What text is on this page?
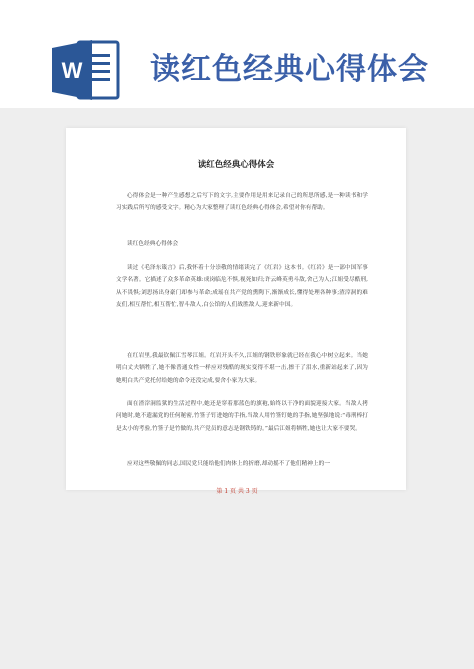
W 读红色经典心得体会
读红色经典心得体会

心得体会是一种产生感想之后写下的文字,主要作用是用来记录自己的所思所感,是一种读书和学习实践后所写的感受文字。精心为大家整理了读红色经典心得体会,希望对你有帮助。

读红色经典心得体会

读过《毛泽东箴言》后,我怀着十分崇敬的情绪读完了《红岩》这本书。《红岩》是一部中国军事文学名著。它描述了众多革命英雄:成岗临危不惧,视死如归;许云峰英勇斗敌,舍己为人;江姐受尽酷刑,从不畏惧;刘思扬出身豪门却参与革命;成瑶在共产党的熏陶下,渐渐成长,懂得处理各种事;渣滓洞的难友们,相互帮忙,相互帮忙,智斗敌人,白公馆的人们战胜敌人,迎来新中国。

在红岩里,我最钦佩江雪琴江姐。红岩开头不久,江姐的钢铁形象就已经在我心中树立起来。当她明白丈夫牺牲了,她不像普通女性一样应对残酷的现实变得不堪一击,擦干了泪水,重新站起来了,因为她明白共产党托付给她的命令还没完成,要舍小家为大家。

面在渣滓洞监狱的生活过程中,她还是穿着那蓝色的旗袍,始终以干净的面貌迎接大家。当敌人拷问她时,她不遗漏党的任何秘密,竹签子钉进她的手指,当敌人用竹签钉她的手指,她坚强地说:“毒刑棒打是太小的考验,竹签子是竹做的,共产党员的意志是钢铁铸的。”最后江姐将牺牲,她也让大家不要哭。

应对这些敬佩的同志,国民党只能给他们肉体上的折磨,却动摇不了他们精神上的一

第 1 页 共 3 页
